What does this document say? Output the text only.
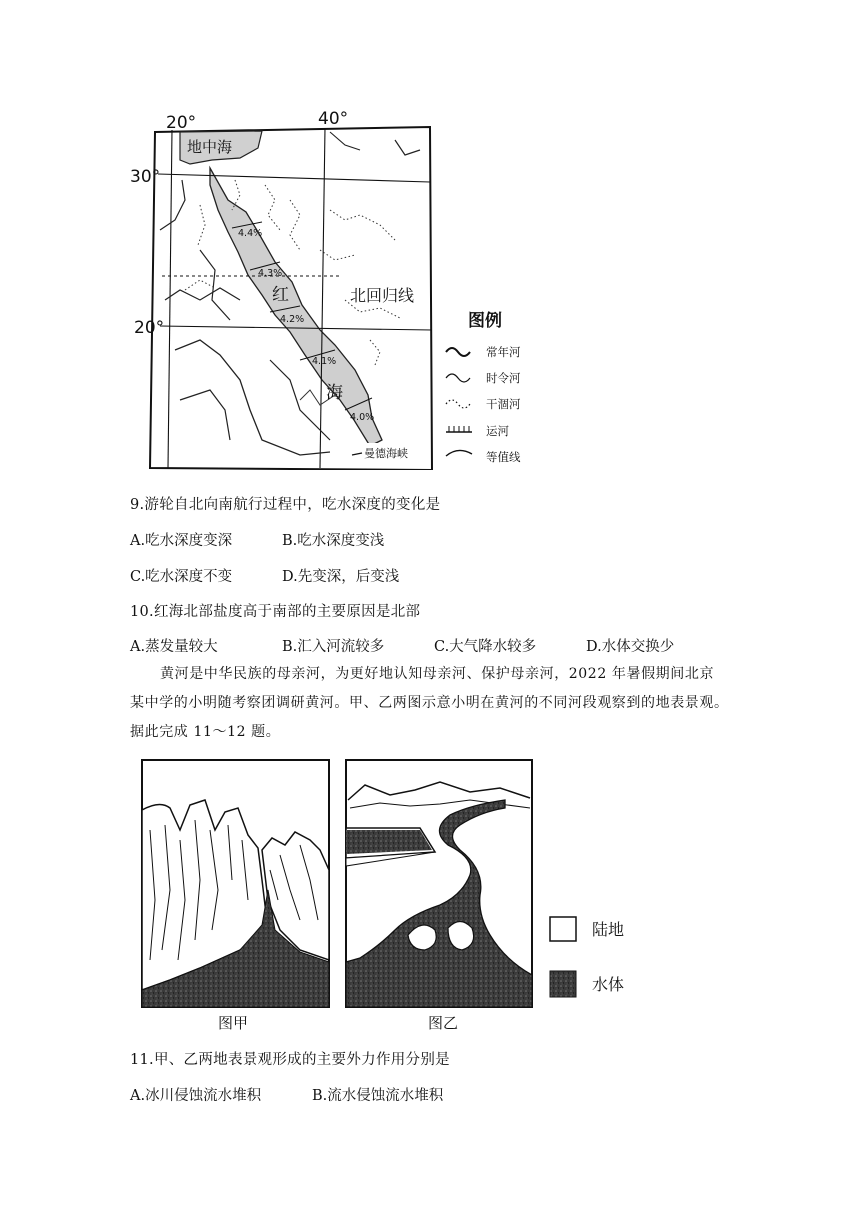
20°	40°
30°
20°
地中海
红
海
北回归线
曼德海峡
4.4%
4.3%
4.2%
4.1%
4.0%
图例
常年河
时令河
干涸河
运河
等值线
9.游轮自北向南航行过程中，吃水深度的变化是
A.吃水深度变深	B.吃水深度变浅
C.吃水深度不变	D.先变深，后变浅
10.红海北部盐度高于南部的主要原因是北部
A.蒸发量较大	B.汇入河流较多	C.大气降水较多	D.水体交换少
黄河是中华民族的母亲河，为更好地认知母亲河、保护母亲河，2022 年暑假期间北京
某中学的小明随考察团调研黄河。甲、乙两图示意小明在黄河的不同河段观察到的地表景观。
据此完成 11～12 题。
陆地
水体
图甲	图乙
11.甲、乙两地表景观形成的主要外力作用分别是
A.冰川侵蚀流水堆积	B.流水侵蚀流水堆积
